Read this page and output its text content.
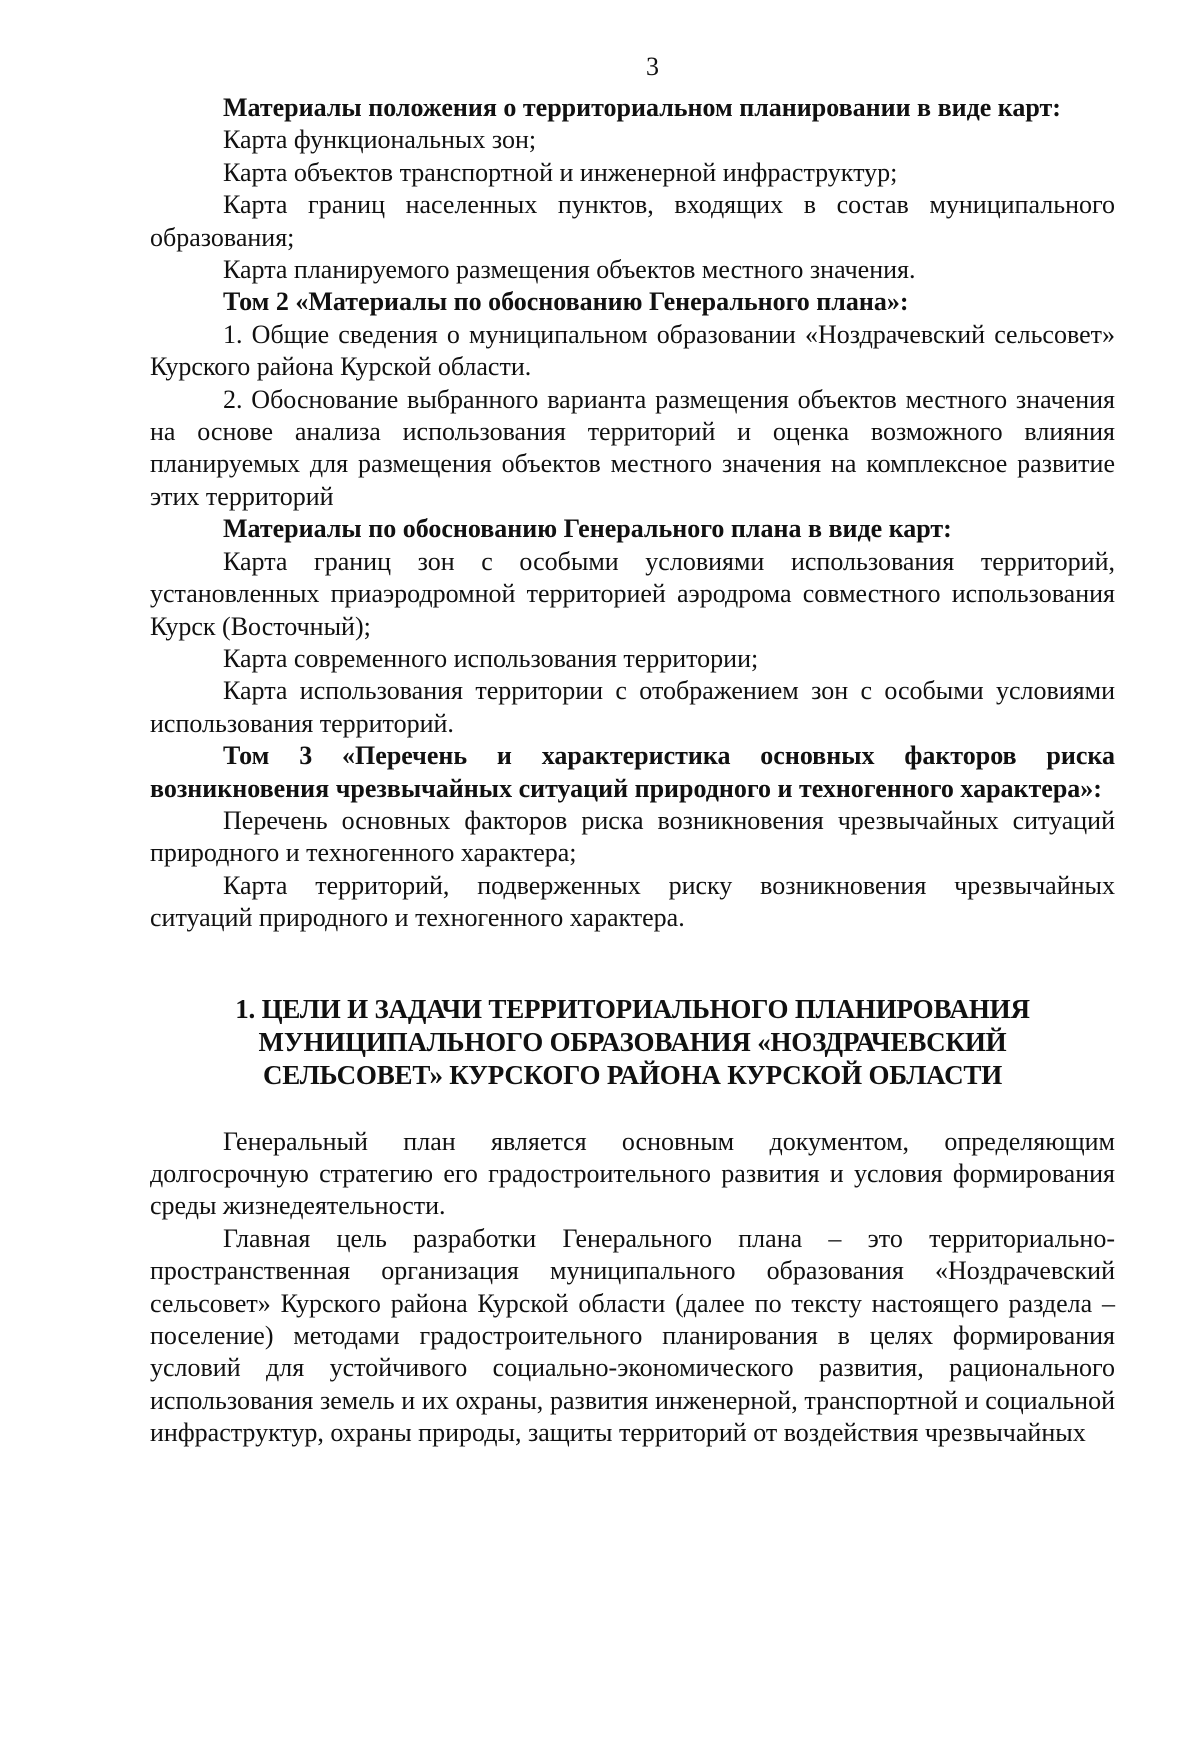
3

Материалы положения о территориальном планировании в виде карт:

Карта функциональных зон;

Карта объектов транспортной и инженерной инфраструктур;

Карта границ населенных пунктов, входящих в состав муниципального образования;

Карта планируемого размещения объектов местного значения.

Том 2 «Материалы по обоснованию Генерального плана»:

1. Общие сведения о муниципальном образовании «Ноздрачевский сельсовет» Курского района Курской области.

2. Обоснование выбранного варианта размещения объектов местного значения на основе анализа использования территорий и оценка возможного влияния планируемых для размещения объектов местного значения на комплексное развитие этих территорий

Материалы по обоснованию Генерального плана в виде карт:

Карта границ зон с особыми условиями использования территорий, установленных приаэродромной территорией аэродрома совместного использования Курск (Восточный);

Карта современного использования территории;

Карта использования территории с отображением зон с особыми условиями использования территорий.

Том 3 «Перечень и характеристика основных факторов риска возникновения чрезвычайных ситуаций природного и техногенного характера»:

Перечень основных факторов риска возникновения чрезвычайных ситуаций природного и техногенного характера;

Карта территорий, подверженных риску возникновения чрезвычайных ситуаций природного и техногенного характера.

1. ЦЕЛИ И ЗАДАЧИ ТЕРРИТОРИАЛЬНОГО ПЛАНИРОВАНИЯ МУНИЦИПАЛЬНОГО ОБРАЗОВАНИЯ «НОЗДРАЧЕВСКИЙ СЕЛЬСОВЕТ» КУРСКОГО РАЙОНА КУРСКОЙ ОБЛАСТИ

Генеральный план является основным документом, определяющим долгосрочную стратегию его градостроительного развития и условия формирования среды жизнедеятельности.

Главная цель разработки Генерального плана – это территориально-пространственная организация муниципального образования «Ноздрачевский сельсовет» Курского района Курской области (далее по тексту настоящего раздела – поселение) методами градостроительного планирования в целях формирования условий для устойчивого социально-экономического развития, рационального использования земель и их охраны, развития инженерной, транспортной и социальной инфраструктур, охраны природы, защиты территорий от воздействия чрезвычайных
